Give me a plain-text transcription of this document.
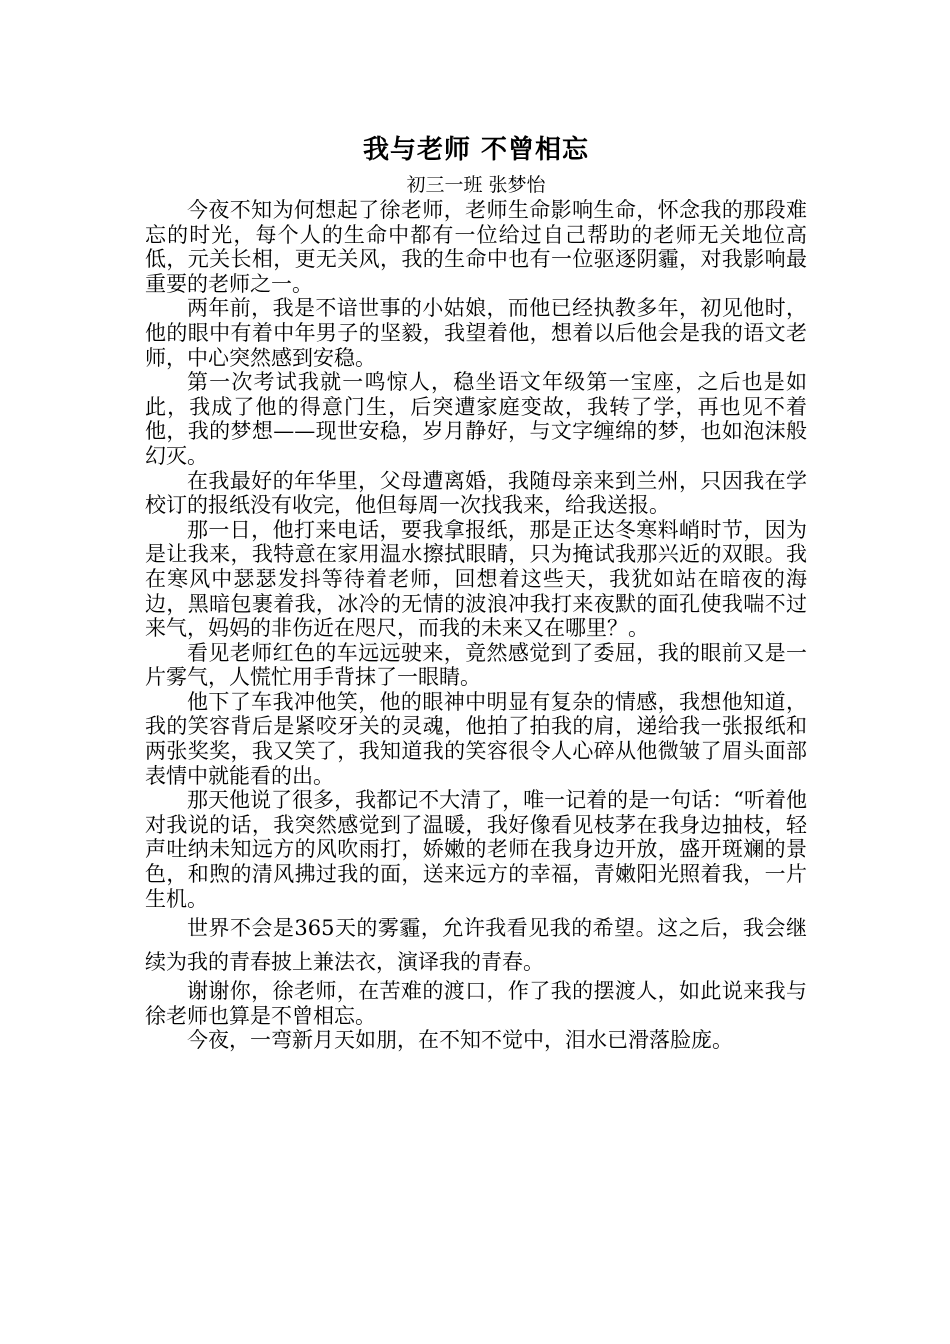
我与老师 不曾相忘
初三一班 张梦怡

今夜不知为何想起了徐老师，老师生命影响生命，怀念我的那段难忘的时光，每个人的生命中都有一位给过自己帮助的老师无关地位高低，元关长相，更无关风，我的生命中也有一位驱逐阴霾，对我影响最重要的老师之一。

两年前，我是不谙世事的小姑娘，而他已经执教多年，初见他时，他的眼中有着中年男子的坚毅，我望着他，想着以后他会是我的语文老师，中心突然感到安稳。

第一次考试我就一鸣惊人，稳坐语文年级第一宝座，之后也是如此，我成了他的得意门生，后突遭家庭变故，我转了学，再也见不着他，我的梦想——现世安稳，岁月静好，与文字缠绵的梦，也如泡沫般幻灭。

在我最好的年华里，父母遭离婚，我随母亲来到兰州，只因我在学校订的报纸没有收完，他但每周一次找我来，给我送报。

那一日，他打来电话，要我拿报纸，那是正达冬寒料峭时节，因为是让我来，我特意在家用温水擦拭眼睛，只为掩试我那兴近的双眼。我在寒风中瑟瑟发抖等待着老师，回想着这些天，我犹如站在暗夜的海边，黑暗包裹着我，冰冷的无情的波浪冲我打来夜默的面孔使我喘不过来气，妈妈的非伤近在咫尺，而我的未来又在哪里？。

看见老师红色的车远远驶来，竟然感觉到了委屈，我的眼前又是一片雾气，人慌忙用手背抹了一眼睛。

他下了车我冲他笑，他的眼神中明显有复杂的情感，我想他知道，我的笑容背后是紧咬牙关的灵魂，他拍了拍我的肩，递给我一张报纸和两张奖奖，我又笑了，我知道我的笑容很令人心碎从他微皱了眉头面部表情中就能看的出。

那天他说了很多，我都记不大清了，唯一记着的是一句话：“听着他对我说的话，我突然感觉到了温暖，我好像看见枝茅在我身边抽枝，轻声吐纳未知远方的风吹雨打，娇嫩的老师在我身边开放，盛开斑斓的景色，和煦的清风拂过我的面，送来远方的幸福，青嫩阳光照着我，一片生机。

世界不会是365天的雾霾，允许我看见我的希望。这之后，我会继续为我的青春披上兼法衣，演译我的青春。

谢谢你，徐老师，在苦难的渡口，作了我的摆渡人，如此说来我与徐老师也算是不曾相忘。

今夜，一弯新月天如朋，在不知不觉中，泪水已滑落脸庞。
